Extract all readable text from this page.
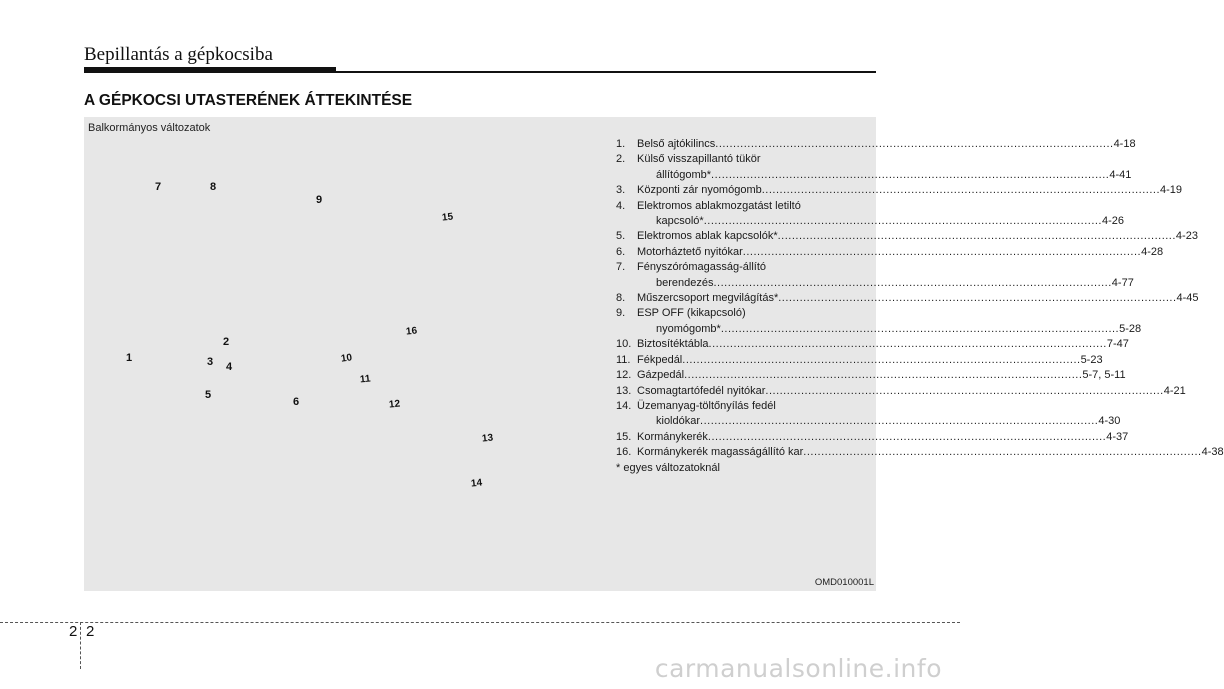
Bepillantás a gépkocsiba
A GÉPKOCSI UTASTERÉNEK ÁTTEKINTÉSE
Balkormányos változatok
1
2
3 4
5
6
7	8
9
10
11
12
13
14
15
16
1.	Belső ajtókilincs .....	4-18
2.	Külső visszapillantó tükör
állítógomb* .....	4-41
3.	Központi zár nyomógomb .....	4-19
4.	Elektromos ablakmozgatást letiltó
kapcsoló* .....	4-26
5.	Elektromos ablak kapcsolók* .....	4-23
6.	Motorháztető nyitókar .....	4-28
7.	Fényszórómagasság-állító
berendezés .....	4-77
8.	Műszercsoport megvilágítás* .....	4-45
9.	ESP OFF (kikapcsoló)
nyomógomb* .....	5-28
10. Biztosítéktábla .....	7-47
11. Fékpedál .....	5-23
12. Gázpedál .....	5-7, 5-11
13. Csomagtartófedél nyitókar .....	4-21
14. Üzemanyag-töltőnyílás fedél
kioldókar .....	4-30
15. Kormánykerék .....	4-37
16. Kormánykerék magasságállító kar .....	4-38
* egyes változatoknál
OMD010001L
2 2
carmanualsonline.info
